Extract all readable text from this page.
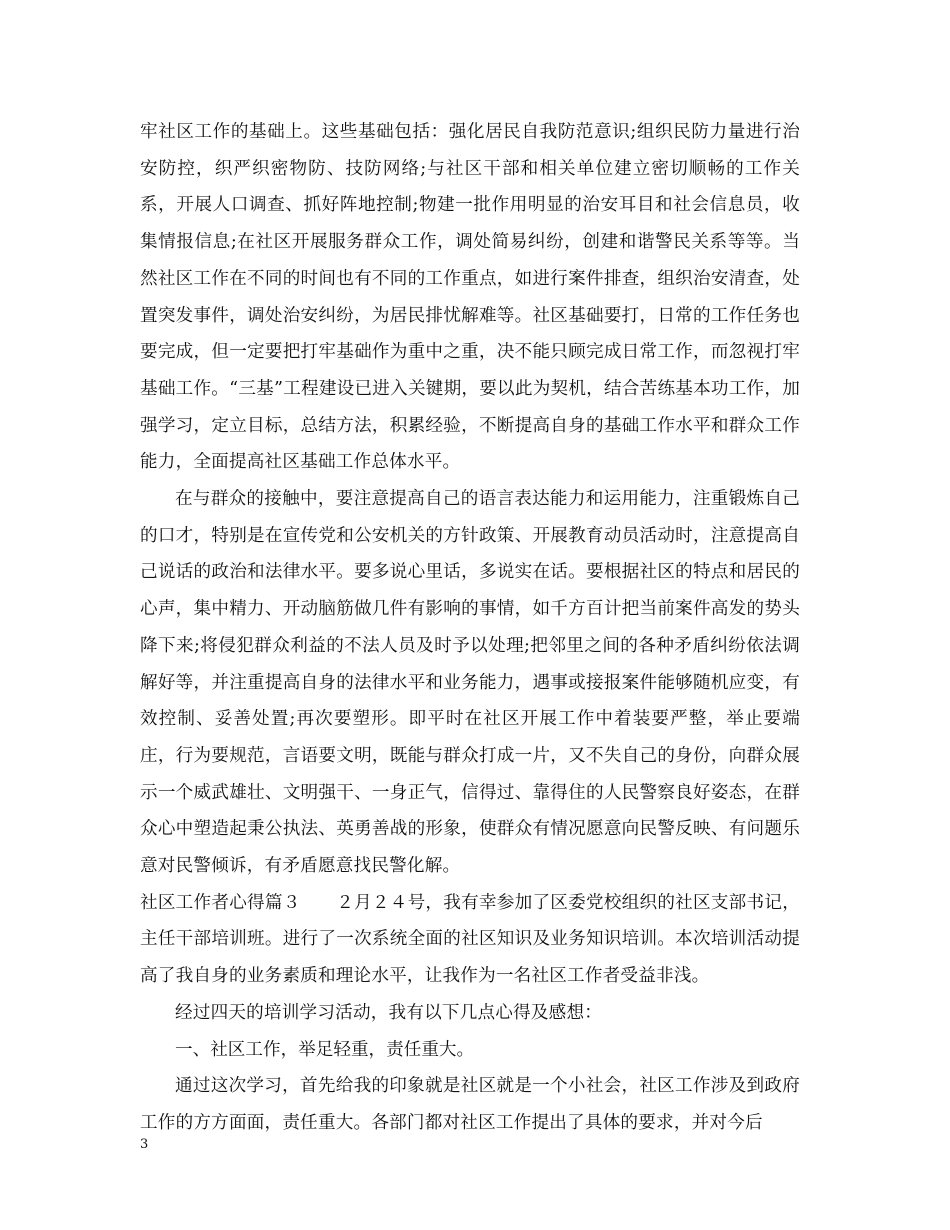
牢社区工作的基础上。这些基础包括：强化居民自我防范意识;组织民防力量进行治安防控，织严织密物防、技防网络;与社区干部和相关单位建立密切顺畅的工作关系，开展人口调查、抓好阵地控制;物建一批作用明显的治安耳目和社会信息员，收集情报信息;在社区开展服务群众工作，调处简易纠纷，创建和谐警民关系等等。当然社区工作在不同的时间也有不同的工作重点，如进行案件排查，组织治安清查，处置突发事件，调处治安纠纷，为居民排忧解难等。社区基础要打，日常的工作任务也要完成，但一定要把打牢基础作为重中之重，决不能只顾完成日常工作，而忽视打牢基础工作。“三基”工程建设已进入关键期，要以此为契机，结合苦练基本功工作，加强学习，定立目标，总结方法，积累经验，不断提高自身的基础工作水平和群众工作能力，全面提高社区基础工作总体水平。

在与群众的接触中，要注意提高自己的语言表达能力和运用能力，注重锻炼自己的口才，特别是在宣传党和公安机关的方针政策、开展教育动员活动时，注意提高自己说话的政治和法律水平。要多说心里话，多说实在话。要根据社区的特点和居民的心声，集中精力、开动脑筋做几件有影响的事情，如千方百计把当前案件高发的势头降下来;将侵犯群众利益的不法人员及时予以处理;把邻里之间的各种矛盾纠纷依法调解好等，并注重提高自身的法律水平和业务能力，遇事或接报案件能够随机应变，有效控制、妥善处置;再次要塑形。即平时在社区开展工作中着装要严整，举止要端庄，行为要规范，言语要文明，既能与群众打成一片，又不失自己的身份，向群众展示一个威武雄壮、文明强干、一身正气，信得过、靠得住的人民警察良好姿态，在群众心中塑造起秉公执法、英勇善战的形象，使群众有情况愿意向民警反映、有问题乐意对民警倾诉，有矛盾愿意找民警化解。

社区工作者心得篇３　　２月２４号，我有幸参加了区委党校组织的社区支部书记，主任干部培训班。进行了一次系统全面的社区知识及业务知识培训。本次培训活动提高了我自身的业务素质和理论水平，让我作为一名社区工作者受益非浅。

经过四天的培训学习活动，我有以下几点心得及感想：

一、社区工作，举足轻重，责任重大。

通过这次学习，首先给我的印象就是社区就是一个小社会，社区工作涉及到政府工作的方方面面，责任重大。各部门都对社区工作提出了具体的要求，并对今后

3
